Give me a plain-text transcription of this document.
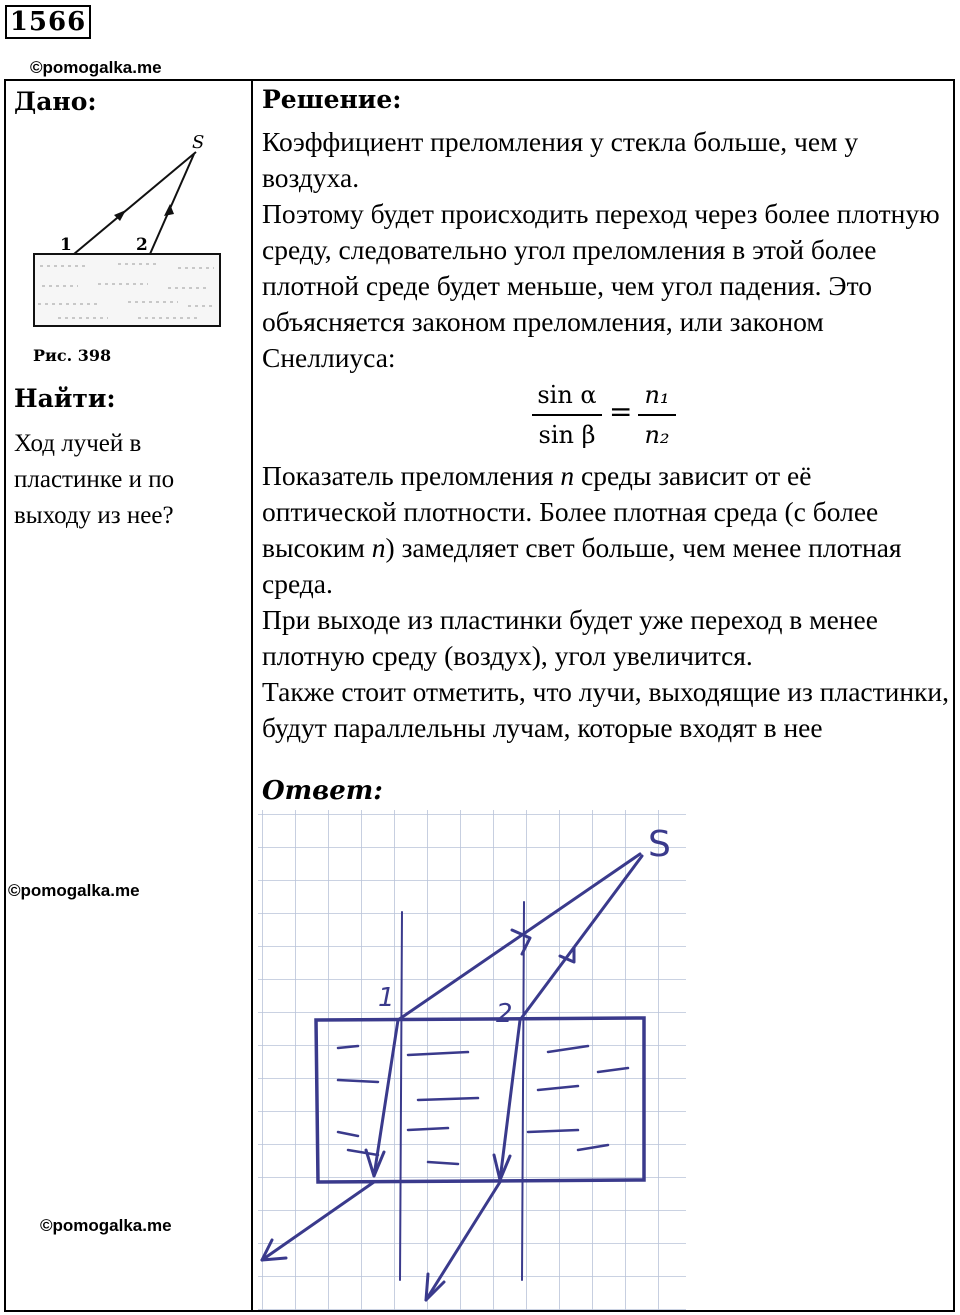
1566
©pomogalka.me
©pomogalka.me
©pomogalka.me
Дано:
S
1	2
Рис. 398
Найти:
Ход лучей в пластинке и по выходу из нее?
Решение:

Коэффициент преломления у стекла больше, чем у воздуха.

Поэтому будет происходить переход через более плотную среду, следовательно угол преломления в этой более плотной среде будет меньше, чем угол падения. Это объясняется законом преломления, или законом Снеллиуса:

sin α
sin β
= n₁
n₂

Показатель преломления n среды зависит от её оптической плотности. Более плотная среда (с более высоким n) замедляет свет больше, чем менее плотная среда.

При выходе из пластинки будет уже переход в менее плотную среду (воздух), угол увеличится.

Также стоит отметить, что лучи, выходящие из пластинки, будут параллельны лучам, которые входят в нее

Ответ:
S
1
2
